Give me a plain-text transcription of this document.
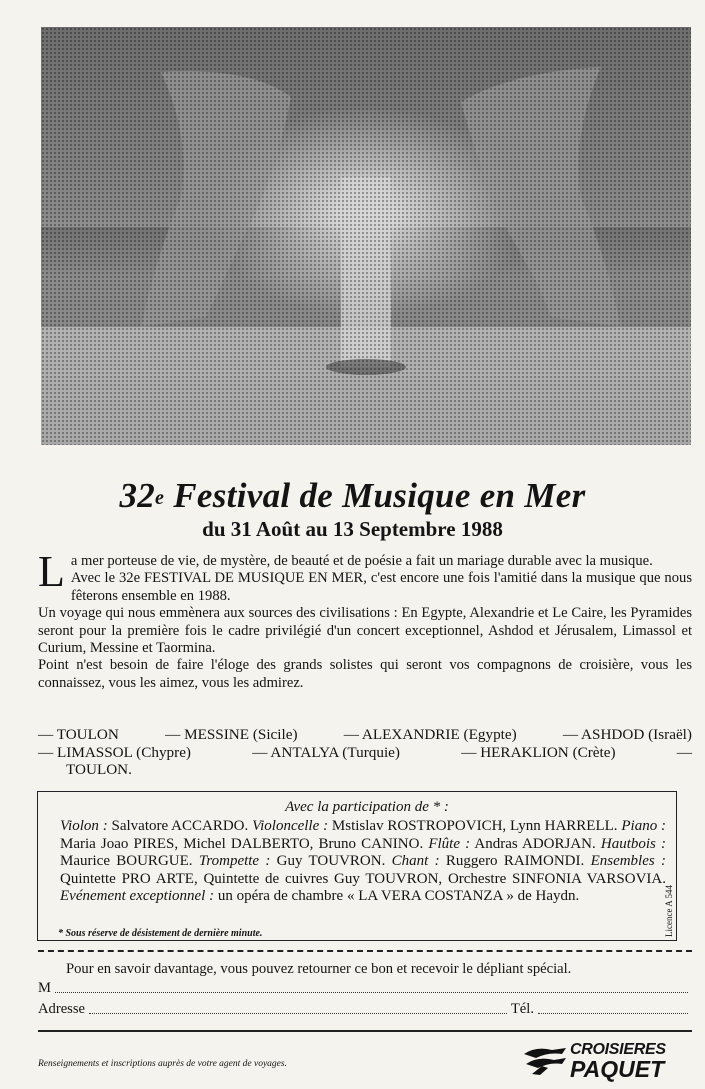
32e Festival de Musique en Mer
du 31 Août au 13 Septembre 1988

La mer porteuse de vie, de mystère, de beauté et de poésie a fait un mariage durable avec la musique.

Avec le 32e FESTIVAL DE MUSIQUE EN MER, c'est encore une fois l'amitié dans la musique que nous fêterons ensemble en 1988.

Un voyage qui nous emmènera aux sources des civilisations : En Egypte, Alexandrie et Le Caire, les Pyramides seront pour la première fois le cadre privilégié d'un concert exceptionnel, Ashdod et Jérusalem, Limassol et Curium, Messine et Taormina.

Point n'est besoin de faire l'éloge des grands solistes qui seront vos compagnons de croisière, vous les connaissez, vous les aimez, vous les admirez.

— TOULON	— MESSINE (Sicile)	— ALEXANDRIE (Egypte)	— ASHDOD (Israël)
— LIMASSOL (Chypre)	— ANTALYA (Turquie)	— HERAKLION (Crète)	—
TOULON.
Avec la participation de * :
Violon : Salvatore ACCARDO. Violoncelle : Mstislav ROSTROPOVICH, Lynn HARRELL. Piano : Maria Joao PIRES, Michel DALBERTO, Bruno CANINO. Flûte : Andras ADORJAN. Hautbois : Maurice BOURGUE. Trompette : Guy TOUVRON. Chant : Ruggero RAIMONDI. Ensembles : Quintette PRO ARTE, Quintette de cuivres Guy TOUVRON, Orchestre SINFONIA VARSOVIA. Evénement exceptionnel : un opéra de chambre « LA VERA COSTANZA » de Haydn.
* Sous réserve de désistement de dernière minute.	Licence A 544
Pour en savoir davantage, vous pouvez retourner ce bon et recevoir le dépliant spécial.
M
Adresse	Tél.
Renseignements et inscriptions auprès de votre agent de voyages.
CROISIERES
PAQUET
